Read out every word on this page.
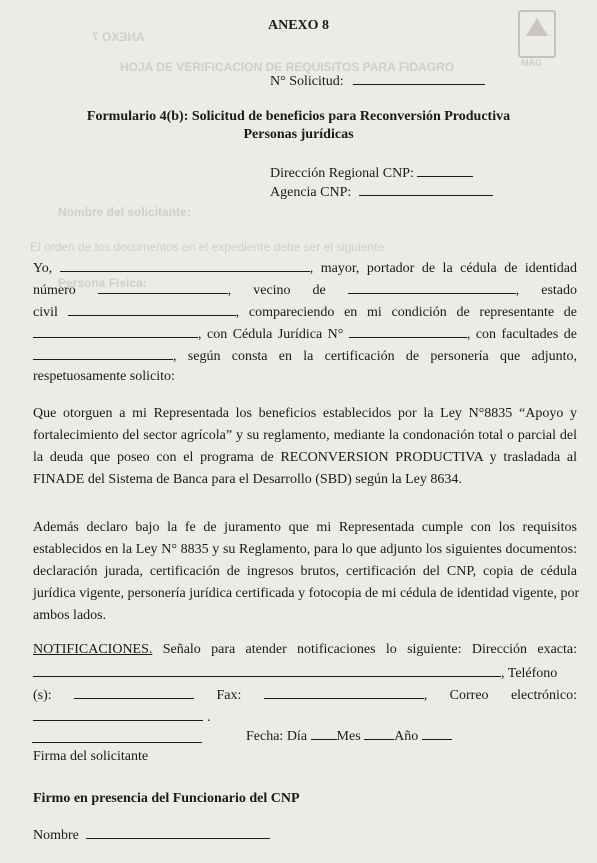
MAG
ANEXO 7
HOJA DE VERIFICACION DE REQUISITOS PARA FIDAGRO
Nombre del solicitante:
El orden de los documentos en el expediente debe ser el siguiente:
Persona Física:
ANEXO 8
N° Solicitud:
Formulario 4(b): Solicitud de beneficios para Reconversión Productiva
Personas jurídicas
Dirección Regional CNP:
Agencia CNP:
Yo,	, mayor, portador de la cédula de identidad
número	, vecino de	, estado
civil	, compareciendo en mi condición de representante de
, con Cédula Jurídica N°	, con facultades de
, según consta en la certificación de personería que adjunto,
respetuosamente solicito:
Que otorguen a mi Representada los beneficios establecidos por la Ley N°8835 “Apoyo y
fortalecimiento del sector agrícola” y su reglamento, mediante la condonación total o parcial del
la deuda que poseo con el programa de RECONVERSION PRODUCTIVA y trasladada al
FINADE del Sistema de Banca para el Desarrollo (SBD) según la Ley 8634.
Además declaro bajo la fe de juramento que mi Representada cumple con los requisitos
establecidos en la Ley N° 8835 y su Reglamento, para lo que adjunto los siguientes documentos:
declaración jurada, certificación de ingresos brutos, certificación del CNP, copia de cédula
jurídica vigente, personería jurídica certificada y fotocopia de mi cédula de identidad vigente, por
ambos lados.
NOTIFICACIONES. Señalo para atender notificaciones lo siguiente: Dirección exacta:
, Teléfono
(s):	Fax:	, Correo electrónico:
.
Fecha: Día Mes Año
Firma del solicitante
Firmo en presencia del Funcionario del CNP
Nombre
